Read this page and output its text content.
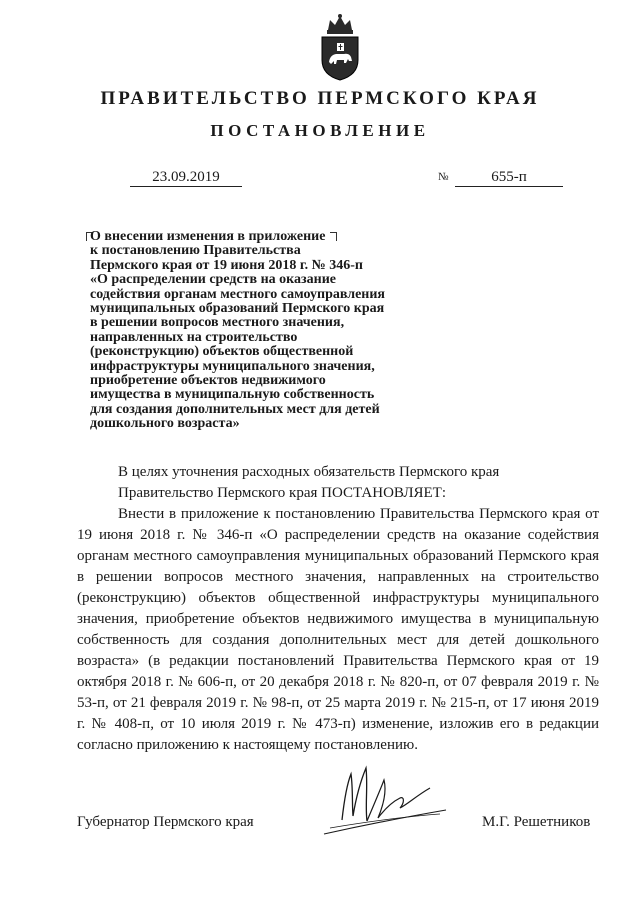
ПРАВИТЕЛЬСТВО ПЕРМСКОГО КРАЯ
ПОСТАНОВЛЕНИЕ
23.09.2019	№	655-п
О внесении изменения в приложение
к постановлению Правительства
Пермского края от 19 июня 2018 г. № 346-п
«О распределении средств на оказание
содействия органам местного самоуправления
муниципальных образований Пермского края
в решении вопросов местного значения,
направленных на строительство
(реконструкцию) объектов общественной
инфраструктуры муниципального значения,
приобретение объектов недвижимого
имущества в муниципальную собственность
для создания дополнительных мест для детей
дошкольного возраста»

В целях уточнения расходных обязательств Пермского края

Правительство Пермского края ПОСТАНОВЛЯЕТ:

Внести в приложение к постановлению Правительства Пермского края от 19 июня 2018 г. № 346-п «О распределении средств на оказание содействия органам местного самоуправления муниципальных образований Пермского края в решении вопросов местного значения, направленных на строительство (реконструкцию) объектов общественной инфраструктуры муниципального значения, приобретение объектов недвижимого имущества в муниципальную собственность для создания дополнительных мест для детей дошкольного возраста» (в редакции постановлений Правительства Пермского края от 19 октября 2018 г. № 606-п, от 20 декабря 2018 г. № 820-п, от 07 февраля 2019 г. № 53-п, от 21 февраля 2019 г. № 98-п, от 25 марта 2019 г. № 215-п, от 17 июня 2019 г. № 408-п, от 10 июля 2019 г. № 473-п) изменение, изложив его в редакции согласно приложению к настоящему постановлению.

Губернатор Пермского края	М.Г. Решетников
